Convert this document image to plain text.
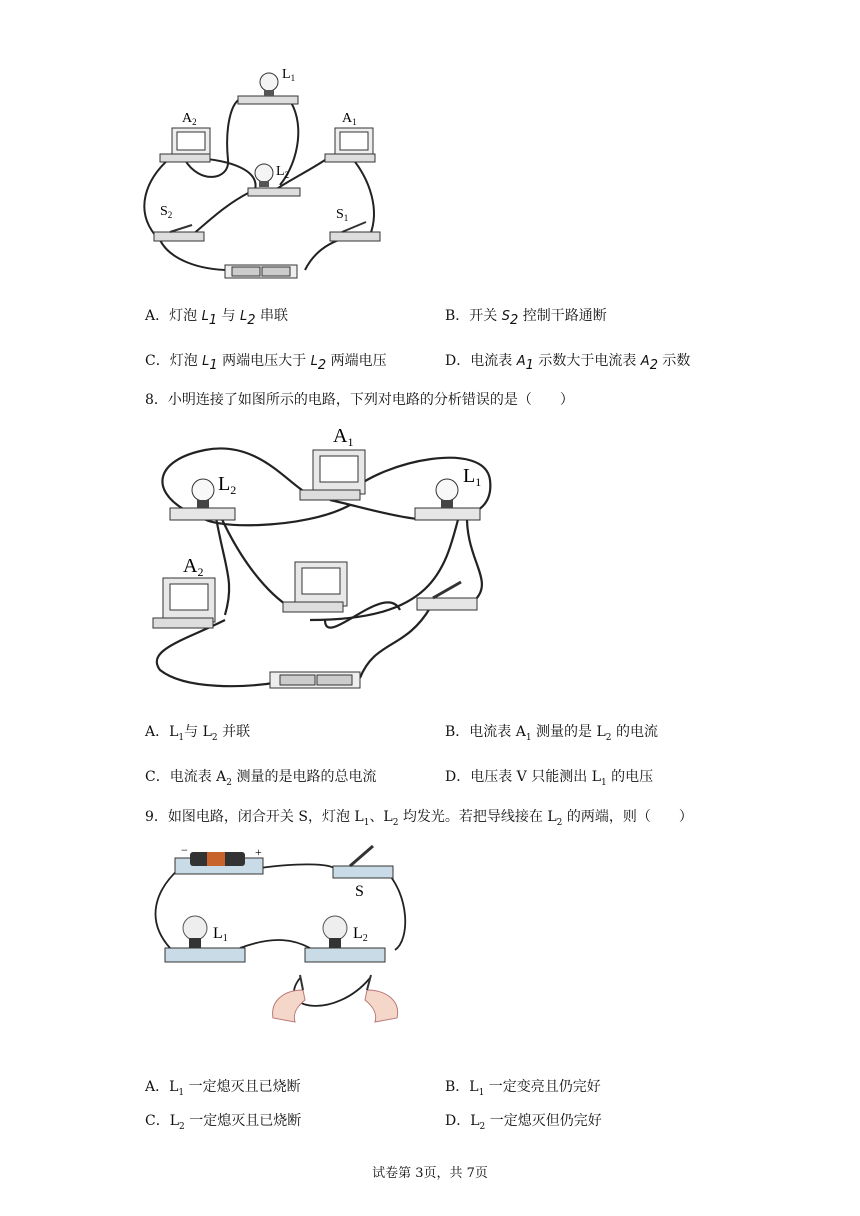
$L_1$
$A_2$	$A_1$
$L_2$
$S_2$	$S_1$
A．灯泡 $L_1$ 与 $L_2$ 串联	B．开关 $S_2$ 控制干路通断
C．灯泡 $L_1$ 两端电压大于 $L_2$ 两端电压	D．电流表 $A_1$ 示数大于电流表 $A_2$ 示数
8．小明连接了如图所示的电路，下列对电路的分析错误的是（　　）
$L_2$
$A_1$
$L_1$
$A_2$
A．$L_1$与 $L_2$ 并联	B．电流表 $A_1$ 测量的是 $L_2$ 的电流
C．电流表 $A_2$ 测量的是电路的总电流	D．电压表 V 只能测出 $L_1$ 的电压
9．如图电路，闭合开关 S，灯泡 $L_1$、$L_2$ 均发光。若把导线接在 $L_2$ 的两端，则（　　）
−	+
S
L1	L2
A．$L_1$ 一定熄灭且已烧断	B．$L_1$ 一定变亮且仍完好
C．$L_2$ 一定熄灭且已烧断	D．$L_2$ 一定熄灭但仍完好
试卷第 3页，共 7页
